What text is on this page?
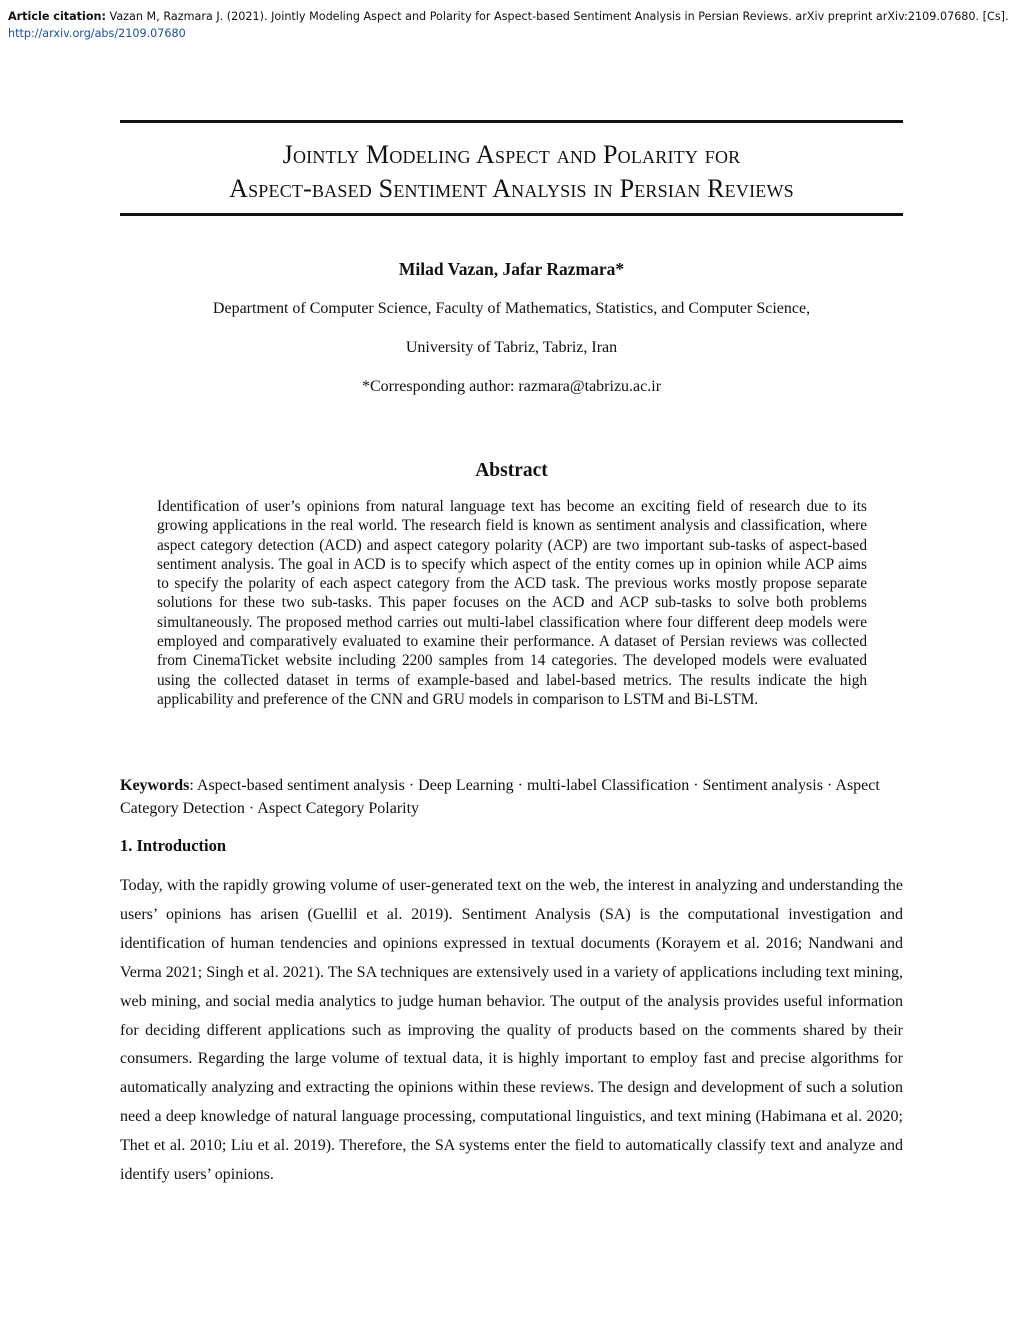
Article citation: Vazan M, Razmara J. (2021). Jointly Modeling Aspect and Polarity for Aspect-based Sentiment Analysis in Persian Reviews. arXiv preprint arXiv:2109.07680. [Cs].
http://arxiv.org/abs/2109.07680
Jointly Modeling Aspect and Polarity for
Aspect-based Sentiment Analysis in Persian Reviews
Milad Vazan, Jafar Razmara*
Department of Computer Science, Faculty of Mathematics, Statistics, and Computer Science,
University of Tabriz, Tabriz, Iran
*Corresponding author: razmara@tabrizu.ac.ir
Abstract

Identification of user’s opinions from natural language text has become an exciting field of research due to its growing applications in the real world. The research field is known as sentiment analysis and classification, where aspect category detection (ACD) and aspect category polarity (ACP) are two important sub-tasks of aspect-based sentiment analysis. The goal in ACD is to specify which aspect of the entity comes up in opinion while ACP aims to specify the polarity of each aspect category from the ACD task. The previous works mostly propose separate solutions for these two sub-tasks. This paper focuses on the ACD and ACP sub-tasks to solve both problems simultaneously. The proposed method carries out multi-label classification where four different deep models were employed and comparatively evaluated to examine their performance. A dataset of Persian reviews was collected from CinemaTicket website including 2200 samples from 14 categories. The developed models were evaluated using the collected dataset in terms of example-based and label-based metrics. The results indicate the high applicability and preference of the CNN and GRU models in comparison to LSTM and Bi-LSTM.

Keywords: Aspect-based sentiment analysis · Deep Learning · multi-label Classification · Sentiment analysis · Aspect Category Detection · Aspect Category Polarity

1. Introduction

Today, with the rapidly growing volume of user-generated text on the web, the interest in analyzing and understanding the users’ opinions has arisen (Guellil et al. 2019). Sentiment Analysis (SA) is the computational investigation and identification of human tendencies and opinions expressed in textual documents (Korayem et al. 2016; Nandwani and Verma 2021; Singh et al. 2021). The SA techniques are extensively used in a variety of applications including text mining, web mining, and social media analytics to judge human behavior. The output of the analysis provides useful information for deciding different applications such as improving the quality of products based on the comments shared by their consumers. Regarding the large volume of textual data, it is highly important to employ fast and precise algorithms for automatically analyzing and extracting the opinions within these reviews. The design and development of such a solution need a deep knowledge of natural language processing, computational linguistics, and text mining (Habimana et al. 2020; Thet et al. 2010; Liu et al. 2019). Therefore, the SA systems enter the field to automatically classify text and analyze and identify users’ opinions.
